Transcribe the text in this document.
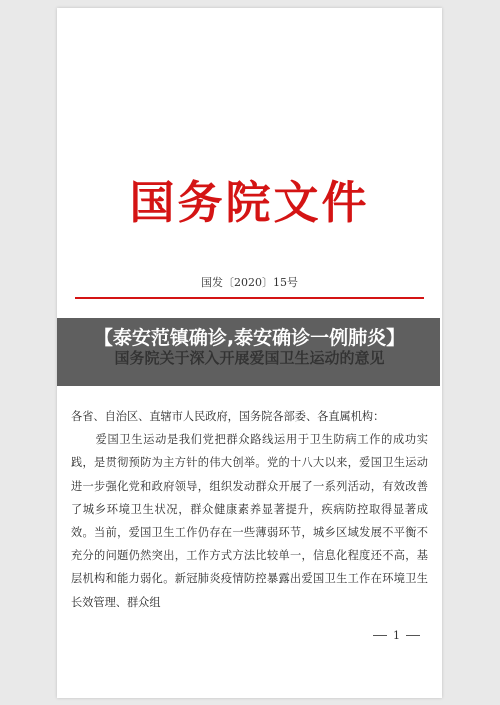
国务院文件
国发〔2020〕15号

各省、自治区、直辖市人民政府，国务院各部委、各直属机构：

爱国卫生运动是我们党把群众路线运用于卫生防病工作的成功实践，是贯彻预防为主方针的伟大创举。党的十八大以来，爱国卫生运动进一步强化党和政府领导，组织发动群众开展了一系列活动，有效改善了城乡环境卫生状况，群众健康素养显著提升，疾病防控取得显著成效。当前，爱国卫生工作仍存在一些薄弱环节，城乡区域发展不平衡不充分的问题仍然突出，工作方式方法比较单一，信息化程度还不高，基层机构和能力弱化。新冠肺炎疫情防控暴露出爱国卫生工作在环境卫生长效管理、群众组

1
【泰安范镇确诊,泰安确诊一例肺炎】
